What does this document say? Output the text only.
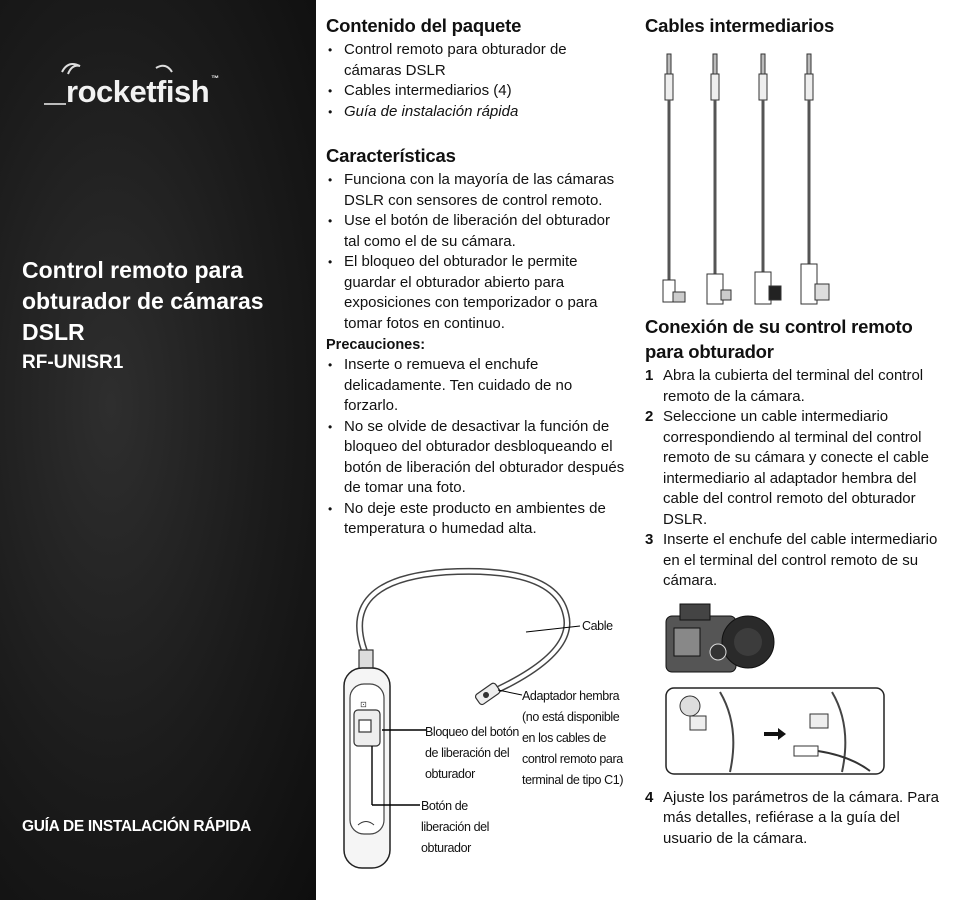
rocketfish ™
Control remoto para obturador de cámaras DSLR
RF-UNISR1
GUÍA DE INSTALACIÓN RÁPIDA
Contenido del paquete
• Control remoto para obturador de cámaras DSLR
• Cables intermediarios (4)
• Guía de instalación rápida
Características
• Funciona con la mayoría de las cámaras DSLR con sensores de control remoto.
• Use el botón de liberación del obturador tal como el de su cámara.
• El bloqueo del obturador le permite guardar el obturador abierto para exposiciones con temporizador o para tomar fotos en continuo.
Precauciones:
• Inserte o remueva el enchufe delicadamente. Ten cuidado de no forzarlo.
• No se olvide de desactivar la función de bloqueo del obturador desbloqueando el botón de liberación del obturador después de tomar una foto.
• No deje este producto en ambientes de temperatura o humedad alta.
⊡
Cable
Adaptador hembra (no está disponible en los cables de control remoto para terminal de tipo C1)
Bloqueo del botón de liberación del obturador
Botón de liberación del obturador
Cables intermediarios
Conexión de su control remoto para obturador
1 Abra la cubierta del terminal del control remoto de la cámara.
2 Seleccione un cable intermediario correspondiendo al terminal del control remoto de su cámara y conecte el cable intermediario al adaptador hembra del cable del control remoto del obturador DSLR.
3 Inserte el enchufe del cable intermediario en el terminal del control remoto de su cámara.
4 Ajuste los parámetros de la cámara. Para más detalles, refiérase a la guía del usuario de la cámara.
